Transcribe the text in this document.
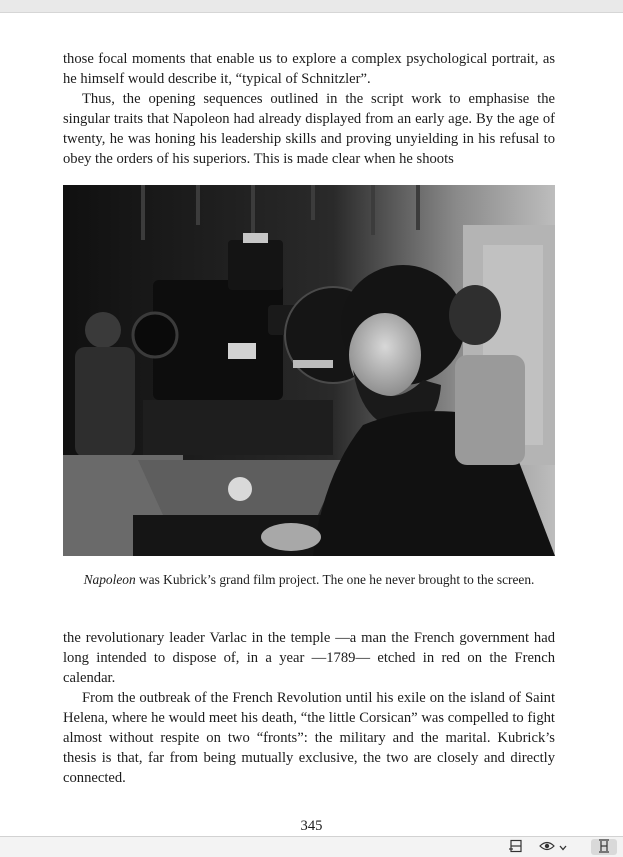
those focal moments that enable us to explore a complex psychological portrait, as he himself would describe it, “typical of Schnitzler”.

Thus, the opening sequences outlined in the script work to emphasise the singular traits that Napoleon had already displayed from an early age. By the age of twenty, he was honing his leadership skills and proving unyielding in his refusal to obey the orders of his superiors. This is made clear when he shoots

Napoleon was Kubrick’s grand film project. The one he never brought to the screen.

the revolutionary leader Varlac in the temple —a man the French government had long intended to dispose of, in a year —1789— etched in red on the French calendar.

From the outbreak of the French Revolution until his exile on the island of Saint Helena, where he would meet his death, “the little Corsican” was compelled to fight almost without respite on two “fronts”: the military and the marital. Kubrick’s thesis is that, far from being mutually exclusive, the two are closely and directly connected.

345
